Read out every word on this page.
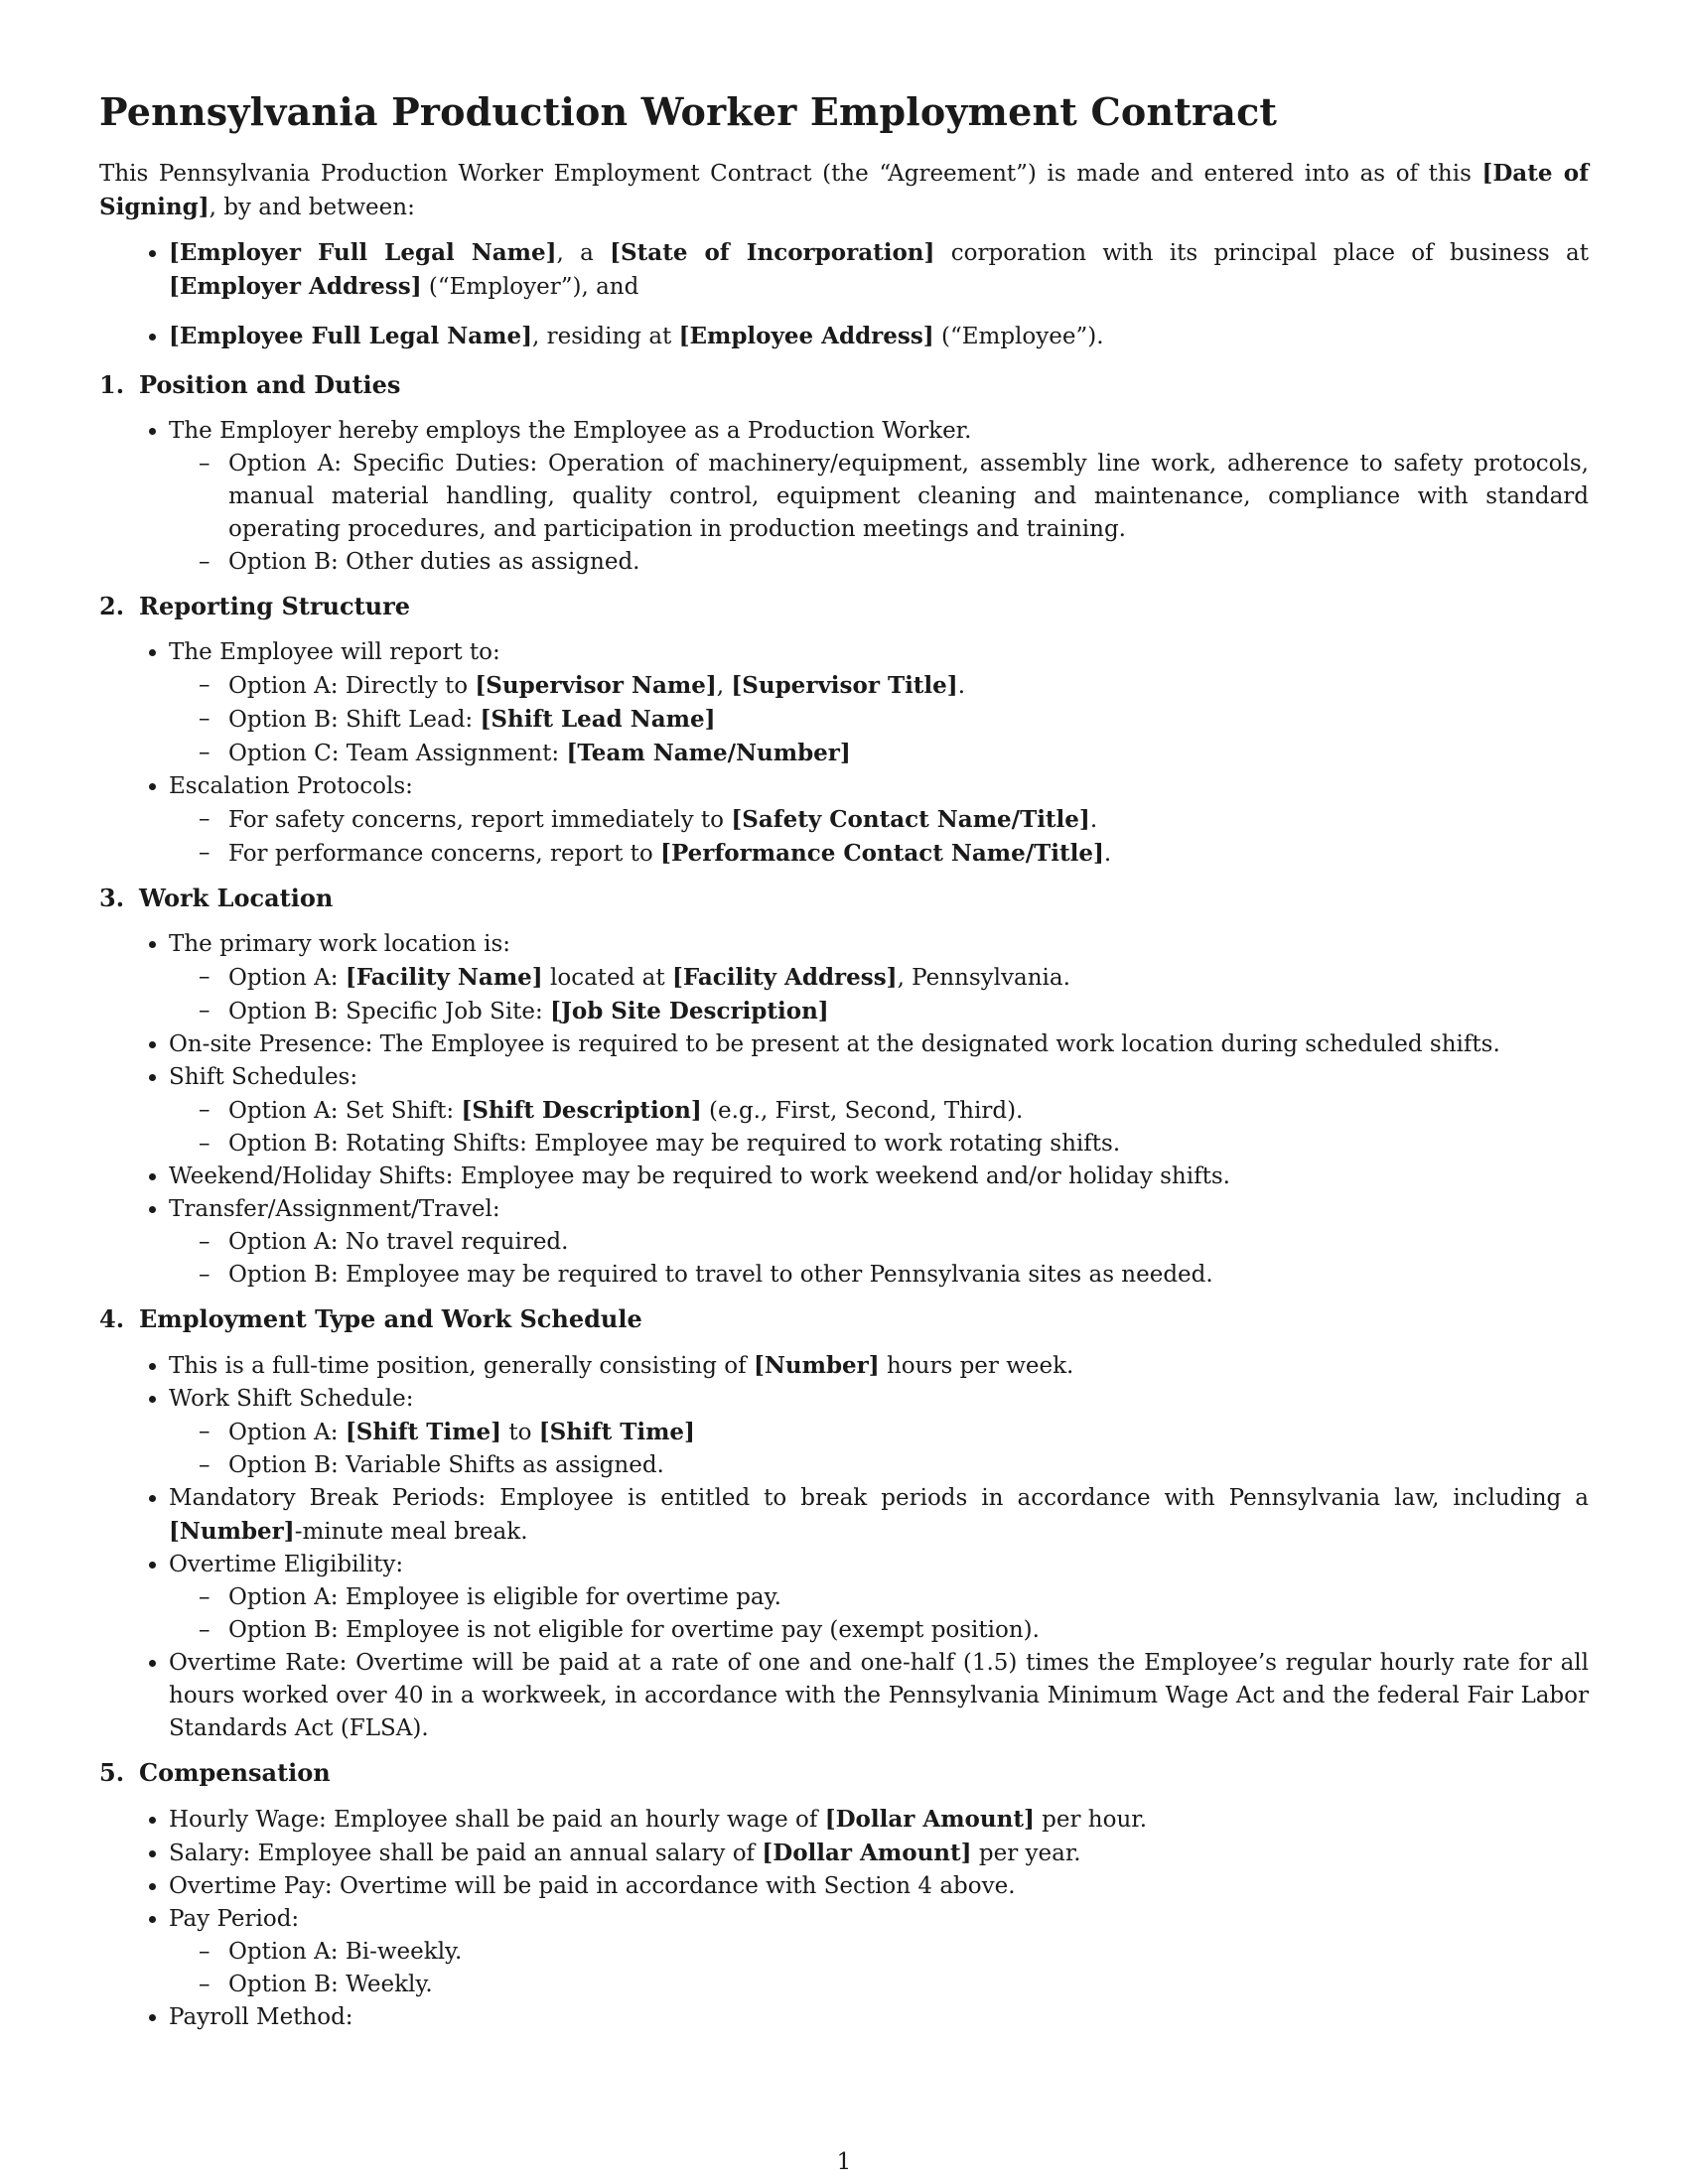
Pennsylvania Production Worker Employment Contract

This Pennsylvania Production Worker Employment Contract (the “Agreement”) is made and entered into as of this [Date of Signing], by and between:

• [Employer Full Legal Name], a [State of Incorporation] corporation with its principal place of business at [Employer Address] (“Employer”), and
• [Employee Full Legal Name], residing at [Employee Address] (“Employee”).
1. Position and Duties
• The Employer hereby employs the Employee as a Production Worker.
– Option A: Specific Duties: Operation of machinery/equipment, assembly line work, adherence to safety protocols, manual material handling, quality control, equipment cleaning and maintenance, compliance with standard operating procedures, and participation in production meetings and training.
– Option B: Other duties as assigned.
2. Reporting Structure
• The Employee will report to:
– Option A: Directly to [Supervisor Name], [Supervisor Title].
– Option B: Shift Lead: [Shift Lead Name]
– Option C: Team Assignment: [Team Name/Number]
• Escalation Protocols:
– For safety concerns, report immediately to [Safety Contact Name/Title].
– For performance concerns, report to [Performance Contact Name/Title].
3. Work Location
• The primary work location is:
– Option A: [Facility Name] located at [Facility Address], Pennsylvania.
– Option B: Specific Job Site: [Job Site Description]
• On-site Presence: The Employee is required to be present at the designated work location during scheduled shifts.
• Shift Schedules:
– Option A: Set Shift: [Shift Description] (e.g., First, Second, Third).
– Option B: Rotating Shifts: Employee may be required to work rotating shifts.
• Weekend/Holiday Shifts: Employee may be required to work weekend and/or holiday shifts.
• Transfer/Assignment/Travel:
– Option A: No travel required.
– Option B: Employee may be required to travel to other Pennsylvania sites as needed.
4. Employment Type and Work Schedule
• This is a full-time position, generally consisting of [Number] hours per week.
• Work Shift Schedule:
– Option A: [Shift Time] to [Shift Time]
– Option B: Variable Shifts as assigned.
• Mandatory Break Periods: Employee is entitled to break periods in accordance with Pennsylvania law, including a [Number]-minute meal break.
• Overtime Eligibility:
– Option A: Employee is eligible for overtime pay.
– Option B: Employee is not eligible for overtime pay (exempt position).
• Overtime Rate: Overtime will be paid at a rate of one and one-half (1.5) times the Employee’s regular hourly rate for all hours worked over 40 in a workweek, in accordance with the Pennsylvania Minimum Wage Act and the federal Fair Labor Standards Act (FLSA).
5. Compensation
• Hourly Wage: Employee shall be paid an hourly wage of [Dollar Amount] per hour.
• Salary: Employee shall be paid an annual salary of [Dollar Amount] per year.
• Overtime Pay: Overtime will be paid in accordance with Section 4 above.
• Pay Period:
– Option A: Bi-weekly.
– Option B: Weekly.
• Payroll Method:
1
